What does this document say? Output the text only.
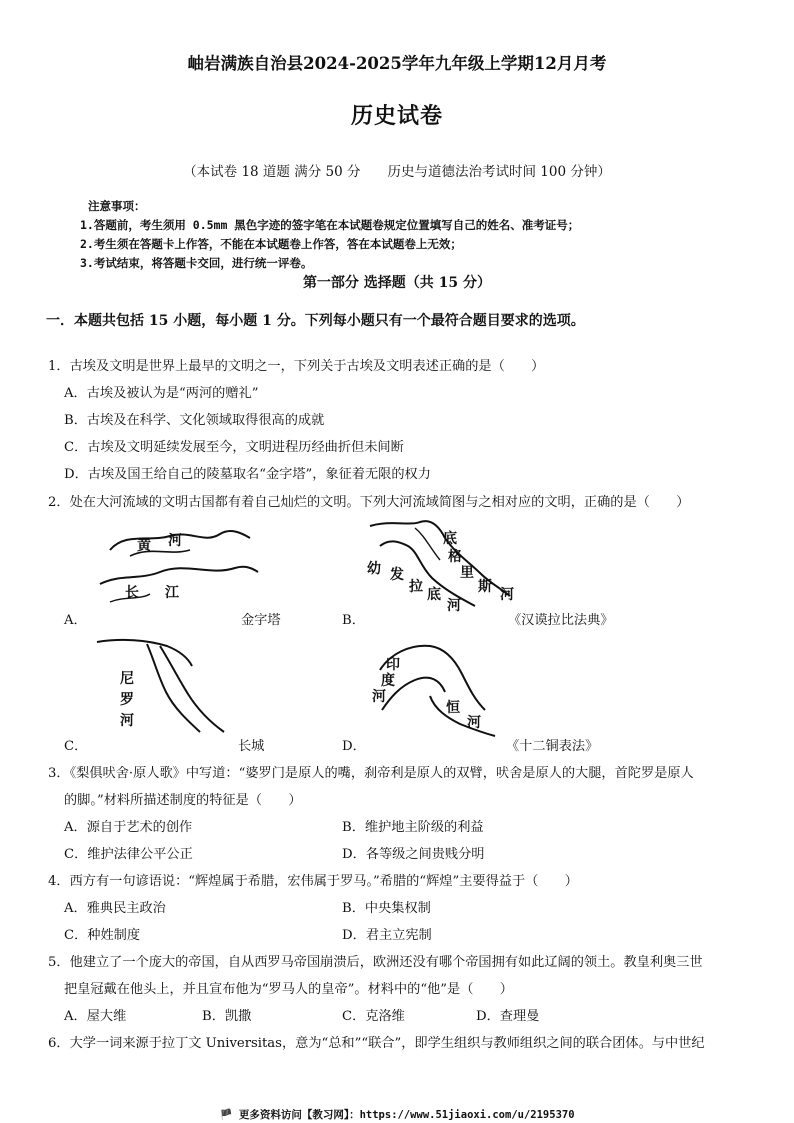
岫岩满族自治县2024-2025学年九年级上学期12月月考
历史试卷
（本试卷 18 道题 满分 50 分　　历史与道德法治考试时间 100 分钟）
注意事项：
1.答题前，考生须用 0.5mm 黑色字迹的签字笔在本试题卷规定位置填写自己的姓名、准考证号；
2.考生须在答题卡上作答，不能在本试题卷上作答，答在本试题卷上无效；
3.考试结束，将答题卡交回，进行统一评卷。
第一部分 选择题（共 15 分）
一．本题共包括 15 小题，每小题 1 分。下列每小题只有一个最符合题目要求的选项。
1．古埃及文明是世界上最早的文明之一，下列关于古埃及文明表述正确的是（　　）
A．古埃及被认为是“两河的赠礼”
B．古埃及在科学、文化领域取得很高的成就
C．古埃及文明延续发展至今，文明进程历经曲折但未间断
D．古埃及国王给自己的陵墓取名“金字塔”，象征着无限的权力
2．处在大河流域的文明古国都有着自己灿烂的文明。下列大河流域简图与之相对应的文明，正确的是（　　）
黄 河
长 江
A．	金字塔
底
格
里
斯 河
幼 发
拉 底
河
B．	《汉谟拉比法典》
尼
罗
河
C．	长城
印
度
河
恒
河
D．	《十二铜表法》
3．《梨俱吠舍·原人歌》中写道：“婆罗门是原人的嘴，刹帝利是原人的双臂，吠舍是原人的大腿，首陀罗是原人
的脚。”材料所描述制度的特征是（　　）
A．源自于艺术的创作	B．维护地主阶级的利益
C．维护法律公平公正	D．各等级之间贵贱分明
4．西方有一句谚语说：“辉煌属于希腊，宏伟属于罗马。”希腊的“辉煌”主要得益于（　　）
A．雅典民主政治	B．中央集权制
C．种姓制度	D．君主立宪制
5．他建立了一个庞大的帝国，自从西罗马帝国崩溃后，欧洲还没有哪个帝国拥有如此辽阔的领土。教皇利奥三世
把皇冠戴在他头上，并且宣布他为“罗马人的皇帝”。材料中的“他”是（　　）
A．屋大维	B．凯撒	C．克洛维	D．查理曼
6．大学一词来源于拉丁文 Universitas，意为“总和”“联合”，即学生组织与教师组织之间的联合团体。与中世纪
🏴 更多资料访问【教习网】：https://www.51jiaoxi.com/u/2195370
